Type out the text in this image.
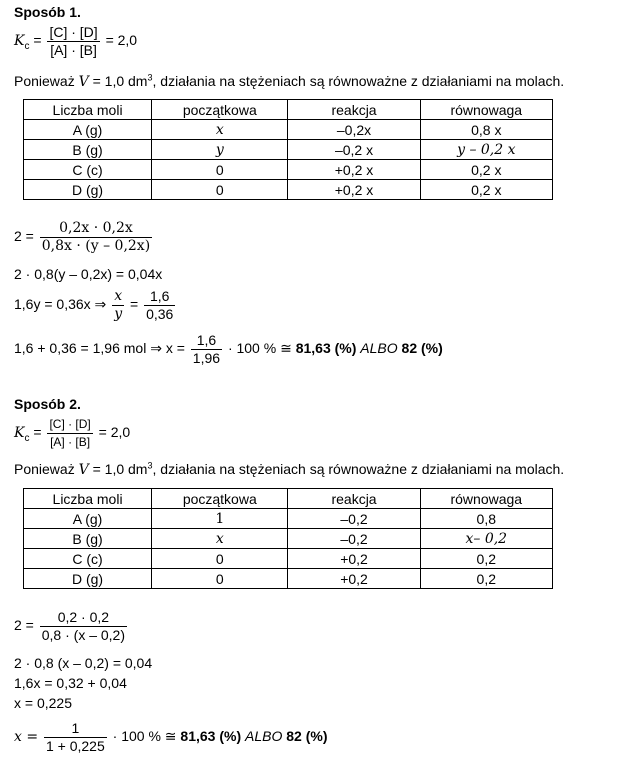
Sposób 1.
$K_c = \frac{[C] \cdot [D]}{[A] \cdot [B]} = 2,0$
Ponieważ V = 1,0 $dm^3$, działania na stężeniach są równoważne z działaniami na molach.
Liczba moli	początkowa	reakcja	równowaga
A (g)	x	–0,2x	0,8 x
B (g)	y	–0,2 x	y – 0,2 x
C (c)	0	+0,2 x	0,2 x
D (g)	0	+0,2 x	0,2 x
$2 = \frac{0,2x \cdot 0,2x}{0,8x \cdot (y - 0,2x)}$
2 · 0,8(y – 0,2x) = 0,04x
1,6y = 0,36x ⇒ $\frac{x}{y} = \frac{1,6}{0,36}$
1,6 + 0,36 = 1,96 mol ⇒ $x = \frac{1,6}{1,96} \cdot 100$ % ≅ 81,63 (%) ALBO 82 (%)
Sposób 2.
$K_c = \frac{[C] \cdot [D]}{[A] \cdot [B]} = 2,0$
Ponieważ V = 1,0 $dm^3$, działania na stężeniach są równoważne z działaniami na molach.
Liczba moli	początkowa	reakcja	równowaga
A (g)	1	–0,2	0,8
B (g)	x	–0,2	x– 0,2
C (c)	0	+0,2	0,2
D (g)	0	+0,2	0,2
$2 = \frac{0,2 \cdot 0,2}{0,8 \cdot (x - 0,2)}$
2 · 0,8 (x – 0,2) = 0,04
1,6x = 0,32 + 0,04
x = 0,225
$x = \frac{1}{1 + 0,225} \cdot 100$ % ≅ 81,63 (%) ALBO 82 (%)
